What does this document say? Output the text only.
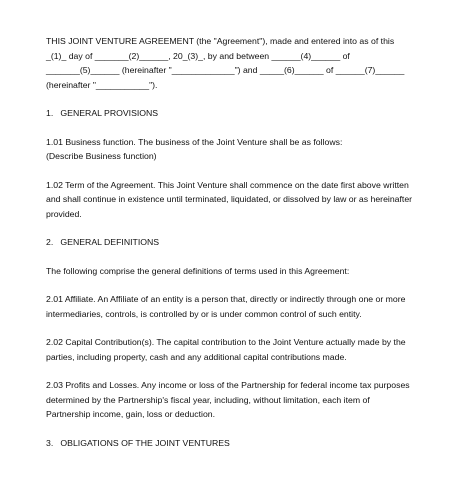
THIS JOINT VENTURE AGREEMENT (the "Agreement"), made and entered into as of this
_(1)_ day of _______(2)______, 20_(3)_, by and between ______(4)______ of
_______(5)______ (hereinafter "_____________") and _____(6)______ of ______(7)______
(hereinafter "___________").
1. GENERAL PROVISIONS
1.01 Business function. The business of the Joint Venture shall be as follows:
(Describe Business function)
1.02 Term of the Agreement. This Joint Venture shall commence on the date first above written
and shall continue in existence until terminated, liquidated, or dissolved by law or as hereinafter
provided.
2. GENERAL DEFINITIONS
The following comprise the general definitions of terms used in this Agreement:
2.01 Affiliate. An Affiliate of an entity is a person that, directly or indirectly through one or more
intermediaries, controls, is controlled by or is under common control of such entity.
2.02 Capital Contribution(s). The capital contribution to the Joint Venture actually made by the
parties, including property, cash and any additional capital contributions made.
2.03 Profits and Losses. Any income or loss of the Partnership for federal income tax purposes
determined by the Partnership's fiscal year, including, without limitation, each item of
Partnership income, gain, loss or deduction.
3. OBLIGATIONS OF THE JOINT VENTURES
